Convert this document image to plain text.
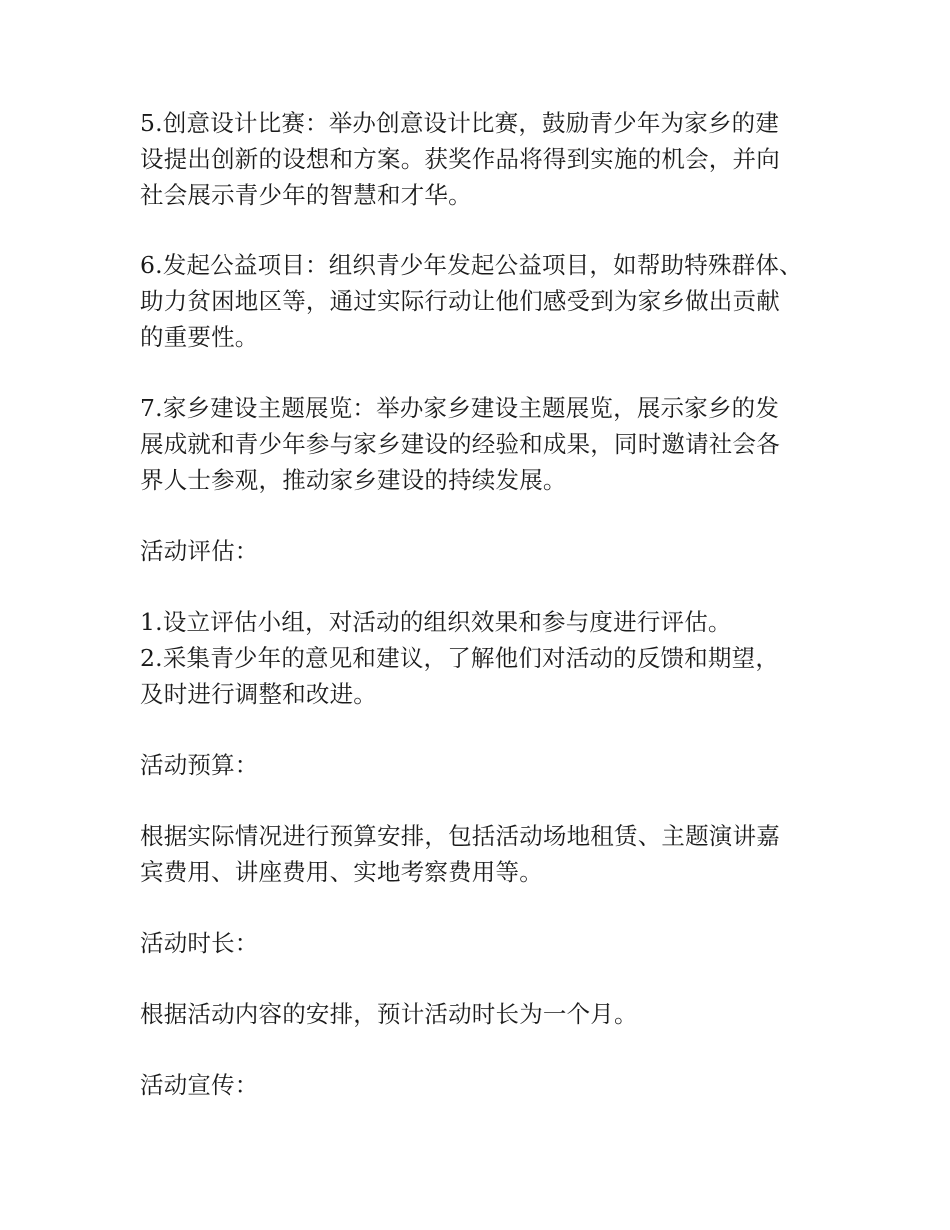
5.创意设计比赛：举办创意设计比赛，鼓励青少年为家乡的建

设提出创新的设想和方案。获奖作品将得到实施的机会，并向

社会展示青少年的智慧和才华。

6.发起公益项目：组织青少年发起公益项目，如帮助特殊群体、

助力贫困地区等，通过实际行动让他们感受到为家乡做出贡献

的重要性。

7.家乡建设主题展览：举办家乡建设主题展览，展示家乡的发

展成就和青少年参与家乡建设的经验和成果，同时邀请社会各

界人士参观，推动家乡建设的持续发展。

活动评估：

1.设立评估小组，对活动的组织效果和参与度进行评估。

2.采集青少年的意见和建议，了解他们对活动的反馈和期望，

及时进行调整和改进。

活动预算：

根据实际情况进行预算安排，包括活动场地租赁、主题演讲嘉

宾费用、讲座费用、实地考察费用等。

活动时长：

根据活动内容的安排，预计活动时长为一个月。

活动宣传：
